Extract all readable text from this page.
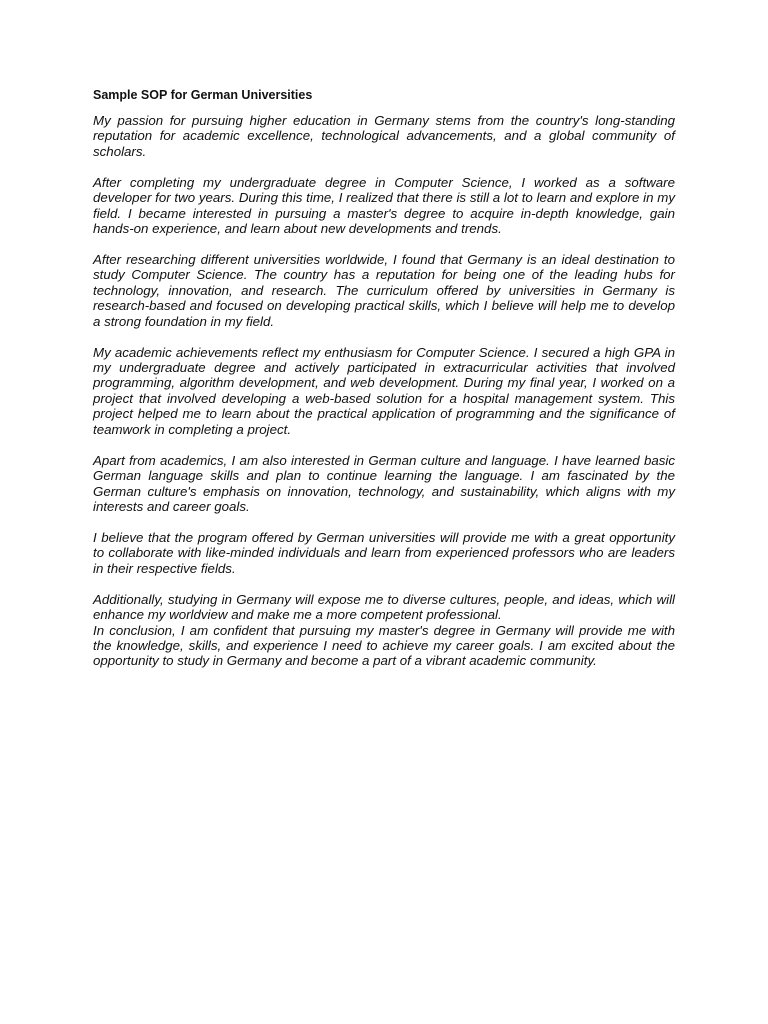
Sample SOP for German Universities

My passion for pursuing higher education in Germany stems from the country's long-standing reputation for academic excellence, technological advancements, and a global community of scholars.

After completing my undergraduate degree in Computer Science, I worked as a software developer for two years. During this time, I realized that there is still a lot to learn and explore in my field. I became interested in pursuing a master's degree to acquire in-depth knowledge, gain hands-on experience, and learn about new developments and trends.

After researching different universities worldwide, I found that Germany is an ideal destination to study Computer Science. The country has a reputation for being one of the leading hubs for technology, innovation, and research. The curriculum offered by universities in Germany is research-based and focused on developing practical skills, which I believe will help me to develop a strong foundation in my field.

My academic achievements reflect my enthusiasm for Computer Science. I secured a high GPA in my undergraduate degree and actively participated in extracurricular activities that involved programming, algorithm development, and web development. During my final year, I worked on a project that involved developing a web-based solution for a hospital management system. This project helped me to learn about the practical application of programming and the significance of teamwork in completing a project.

Apart from academics, I am also interested in German culture and language. I have learned basic German language skills and plan to continue learning the language. I am fascinated by the German culture's emphasis on innovation, technology, and sustainability, which aligns with my interests and career goals.

I believe that the program offered by German universities will provide me with a great opportunity to collaborate with like-minded individuals and learn from experienced professors who are leaders in their respective fields.

Additionally, studying in Germany will expose me to diverse cultures, people, and ideas, which will enhance my worldview and make me a more competent professional.

In conclusion, I am confident that pursuing my master's degree in Germany will provide me with the knowledge, skills, and experience I need to achieve my career goals. I am excited about the opportunity to study in Germany and become a part of a vibrant academic community.
